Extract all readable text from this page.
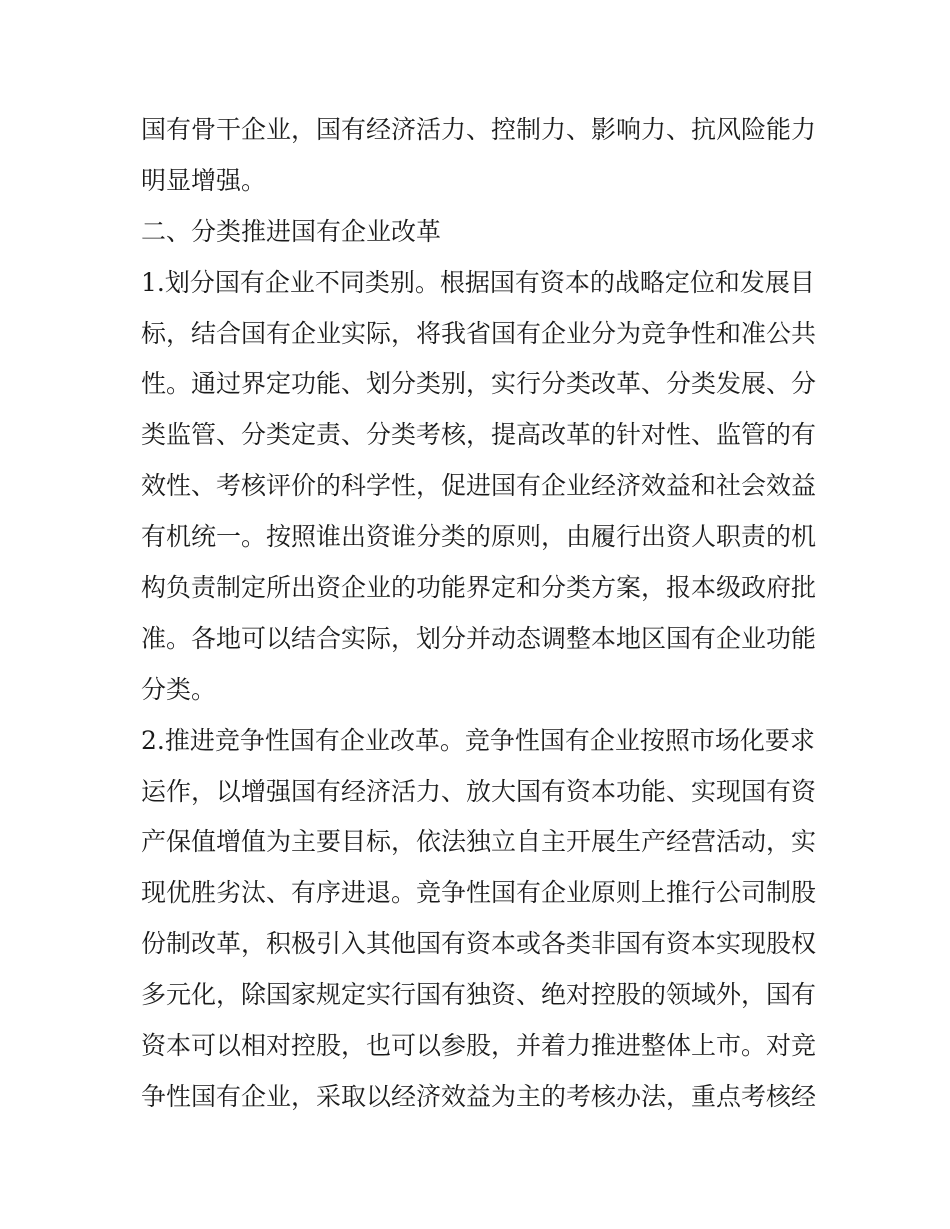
国有骨干企业，国有经济活力、控制力、影响力、抗风险能力
明显增强。
二、分类推进国有企业改革
1.划分国有企业不同类别。根据国有资本的战略定位和发展目
标，结合国有企业实际，将我省国有企业分为竞争性和准公共
性。通过界定功能、划分类别，实行分类改革、分类发展、分
类监管、分类定责、分类考核，提高改革的针对性、监管的有
效性、考核评价的科学性，促进国有企业经济效益和社会效益
有机统一。按照谁出资谁分类的原则，由履行出资人职责的机
构负责制定所出资企业的功能界定和分类方案，报本级政府批
准。各地可以结合实际，划分并动态调整本地区国有企业功能
分类。
2.推进竞争性国有企业改革。竞争性国有企业按照市场化要求
运作，以增强国有经济活力、放大国有资本功能、实现国有资
产保值增值为主要目标，依法独立自主开展生产经营活动，实
现优胜劣汰、有序进退。竞争性国有企业原则上推行公司制股
份制改革，积极引入其他国有资本或各类非国有资本实现股权
多元化，除国家规定实行国有独资、绝对控股的领域外，国有
资本可以相对控股，也可以参股，并着力推进整体上市。对竞
争性国有企业，采取以经济效益为主的考核办法，重点考核经
